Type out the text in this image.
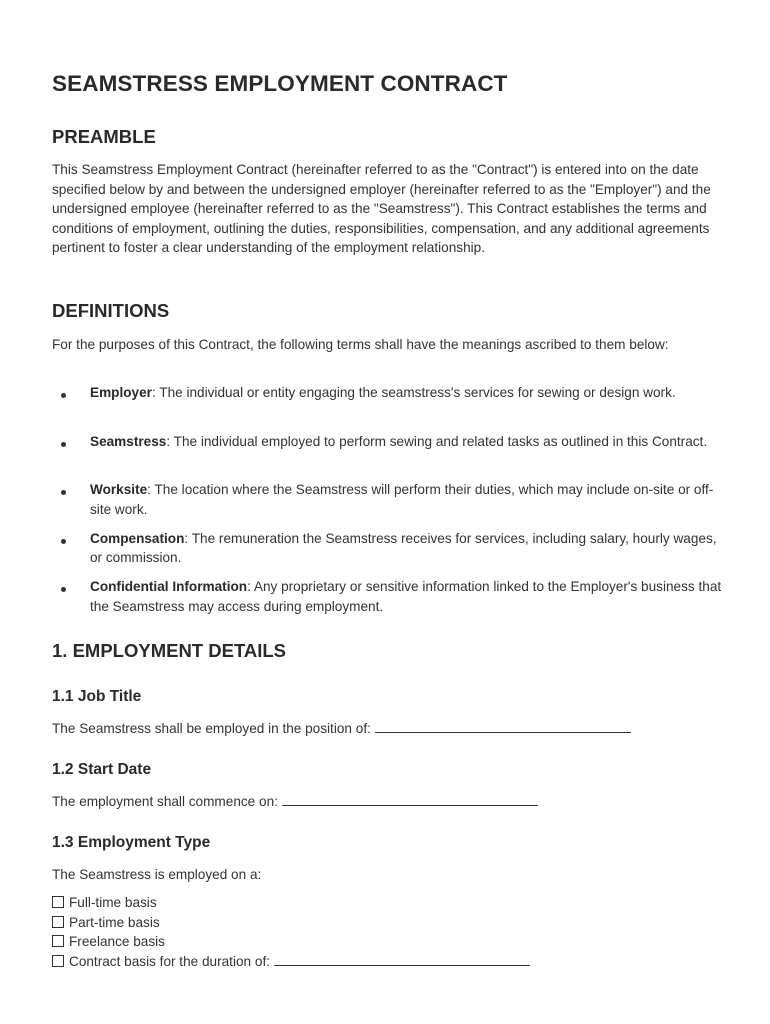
SEAMSTRESS EMPLOYMENT CONTRACT
PREAMBLE

This Seamstress Employment Contract (hereinafter referred to as the "Contract") is entered into on the date specified below by and between the undersigned employer (hereinafter referred to as the "Employer") and the undersigned employee (hereinafter referred to as the "Seamstress"). This Contract establishes the terms and conditions of employment, outlining the duties, responsibilities, compensation, and any additional agreements pertinent to foster a clear understanding of the employment relationship.

DEFINITIONS

For the purposes of this Contract, the following terms shall have the meanings ascribed to them below:

Employer: The individual or entity engaging the seamstress's services for sewing or design work.
Seamstress: The individual employed to perform sewing and related tasks as outlined in this Contract.
Worksite: The location where the Seamstress will perform their duties, which may include on-site or off-site work.
Compensation: The remuneration the Seamstress receives for services, including salary, hourly wages, or commission.
Confidential Information: Any proprietary or sensitive information linked to the Employer's business that the Seamstress may access during employment.
1. EMPLOYMENT DETAILS
1.1 Job Title

The Seamstress shall be employed in the position of:

1.2 Start Date

The employment shall commence on:

1.3 Employment Type

The Seamstress is employed on a:

Full-time basis
Part-time basis
Freelance basis
Contract basis for the duration of:
